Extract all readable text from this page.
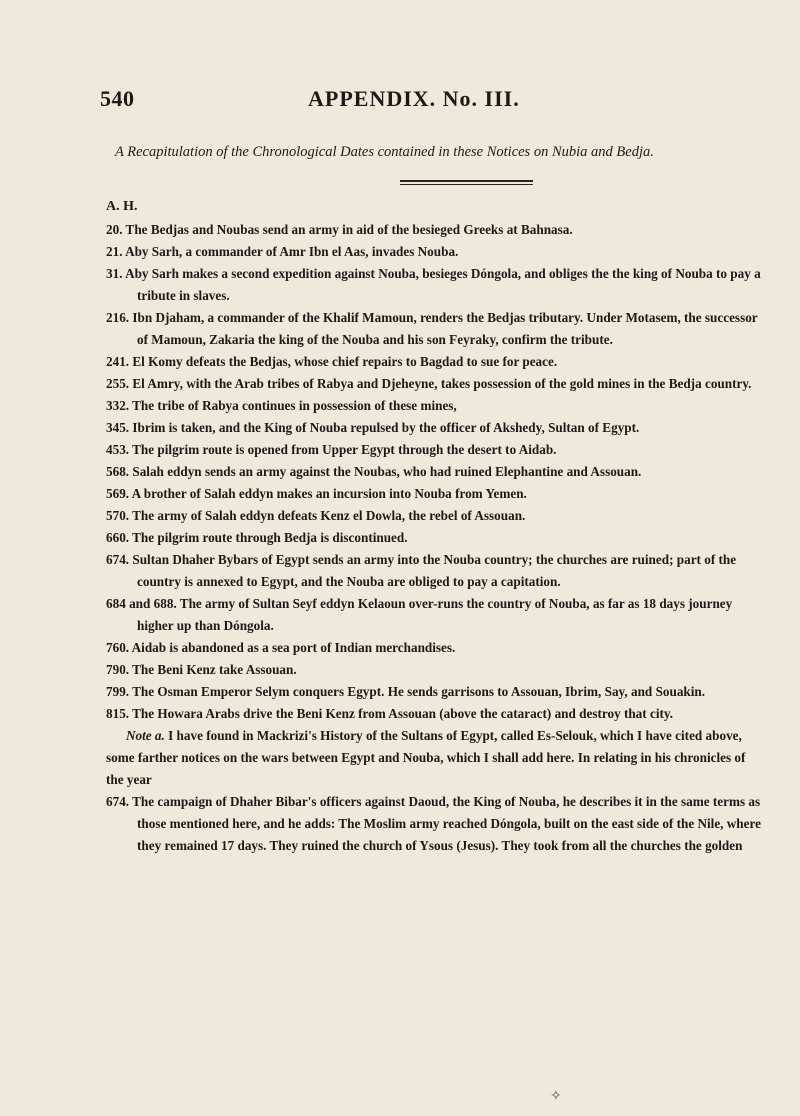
540	APPENDIX. No. III.
A Recapitulation of the Chronological Dates contained in these Notices on Nubia and Bedja.
A. H.
20. The Bedjas and Noubas send an army in aid of the besieged Greeks at Bahnasa.
21. Aby Sarh, a commander of Amr Ibn el Aas, invades Nouba.
31. Aby Sarh makes a second expedition against Nouba, besieges Dóngola, and obliges the the king of Nouba to pay a tribute in slaves.
216. Ibn Djaham, a commander of the Khalif Mamoun, renders the Bedjas tributary. Under Motasem, the successor of Mamoun, Zakaria the king of the Nouba and his son Feyraky, confirm the tribute.
241. El Komy defeats the Bedjas, whose chief repairs to Bagdad to sue for peace.
255. El Amry, with the Arab tribes of Rabya and Djeheyne, takes possession of the gold mines in the Bedja country.
332. The tribe of Rabya continues in possession of these mines,
345. Ibrim is taken, and the King of Nouba repulsed by the officer of Akshedy, Sultan of Egypt.
453. The pilgrim route is opened from Upper Egypt through the desert to Aidab.
568. Salah eddyn sends an army against the Noubas, who had ruined Elephantine and Assouan.
569. A brother of Salah eddyn makes an incursion into Nouba from Yemen.
570. The army of Salah eddyn defeats Kenz el Dowla, the rebel of Assouan.
660. The pilgrim route through Bedja is discontinued.
674. Sultan Dhaher Bybars of Egypt sends an army into the Nouba country; the churches are ruined; part of the country is annexed to Egypt, and the Nouba are obliged to pay a capitation.
684 and 688. The army of Sultan Seyf eddyn Kelaoun over-runs the country of Nouba, as far as 18 days journey higher up than Dóngola.
760. Aidab is abandoned as a sea port of Indian merchandises.
790. The Beni Kenz take Assouan.
799. The Osman Emperor Selym conquers Egypt. He sends garrisons to Assouan, Ibrim, Say, and Souakin.
815. The Howara Arabs drive the Beni Kenz from Assouan (above the cataract) and destroy that city.
Note a. I have found in Mackrizi's History of the Sultans of Egypt, called Es-Selouk, which I have cited above, some farther notices on the wars between Egypt and Nouba, which I shall add here. In relating in his chronicles of the year
674. The campaign of Dhaher Bibar's officers against Daoud, the King of Nouba, he describes it in the same terms as those mentioned here, and he adds: The Moslim army reached Dóngola, built on the east side of the Nile, where they remained 17 days. They ruined the church of Ysous (Jesus). They took from all the churches the golden
✧
